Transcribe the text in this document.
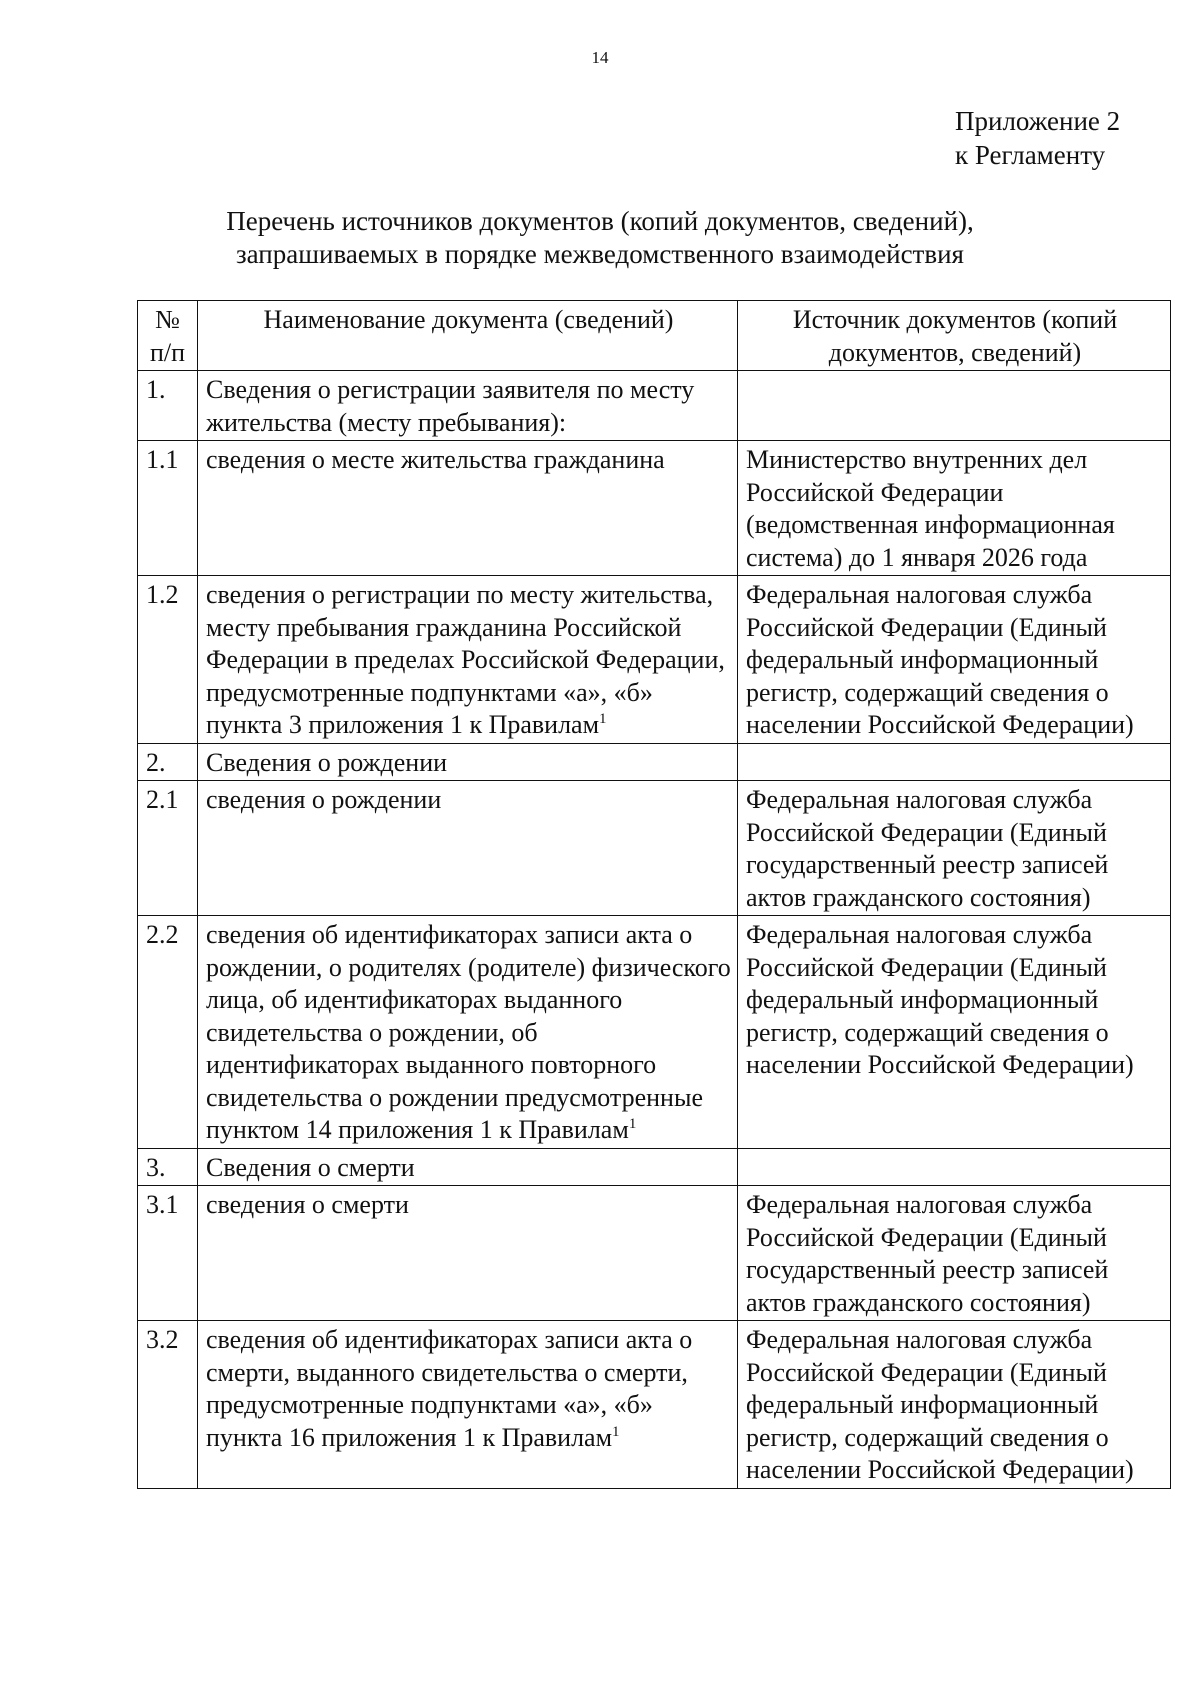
14
Приложение 2
к Регламенту
Перечень источников документов (копий документов, сведений),
запрашиваемых в порядке межведомственного взаимодействия
№
п/п	Наименование документа (сведений)	Источник документов (копий документов, сведений)
1.	Сведения о регистрации заявителя по месту жительства (месту пребывания):	
1.1	сведения о месте жительства гражданина	Министерство внутренних дел Российской Федерации (ведомственная информационная система) до 1 января 2026 года
1.2	сведения о регистрации по месту жительства, месту пребывания гражданина Российской Федерации в пределах Российской Федерации, предусмотренные подпунктами «а», «б» пункта 3 приложения 1 к Правилам$^1$	Федеральная налоговая служба Российской Федерации (Единый федеральный информационный регистр, содержащий сведения о населении Российской Федерации)
2.	Сведения о рождении	
2.1	сведения о рождении	Федеральная налоговая служба Российской Федерации (Единый государственный реестр записей актов гражданского состояния)
2.2	сведения об идентификаторах записи акта о рождении, о родителях (родителе) физического лица, об идентификаторах выданного свидетельства о рождении, об идентификаторах выданного повторного свидетельства о рождении предусмотренные пунктом 14 приложения 1 к Правилам$^1$	Федеральная налоговая служба Российской Федерации (Единый федеральный информационный регистр, содержащий сведения о населении Российской Федерации)
3.	Сведения о смерти	
3.1	сведения о смерти	Федеральная налоговая служба Российской Федерации (Единый государственный реестр записей актов гражданского состояния)
3.2	сведения об идентификаторах записи акта о смерти, выданного свидетельства о смерти, предусмотренные подпунктами «а», «б» пункта 16 приложения 1 к Правилам$^1$	Федеральная налоговая служба Российской Федерации (Единый федеральный информационный регистр, содержащий сведения о населении Российской Федерации)
